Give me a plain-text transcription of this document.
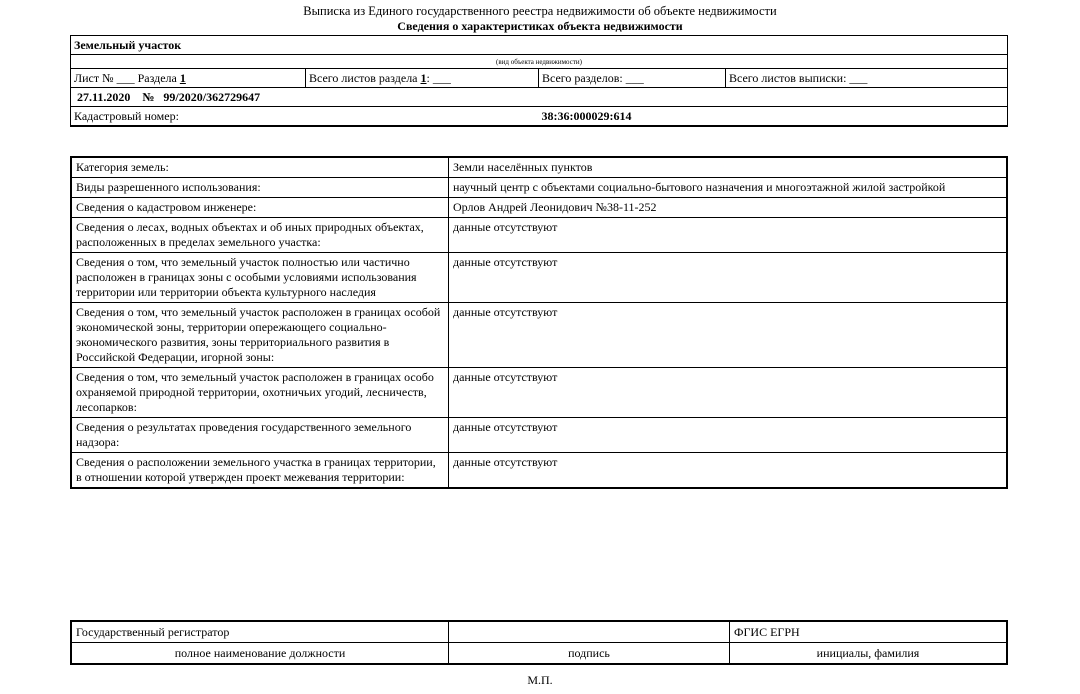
Выписка из Единого государственного реестра недвижимости об объекте недвижимости
Сведения о характеристиках объекта недвижимости
Земельный участок			

(вид объекта недвижимости)			

Лист № ___ Раздела 1	Всего листов раздела 1: ___	Всего разделов: ___	Всего листов выписки: ___
27.11.2020 № 99/2020/362729647			
Кадастровый номер:		38:36:000029:614	
Категория земель:	Земли населённых пунктов
Виды разрешенного использования:	научный центр с объектами социально-бытового назначения и многоэтажной жилой застройкой
Сведения о кадастровом инженере:	Орлов Андрей Леонидович №38-11-252
Сведения о лесах, водных объектах и об иных природных объектах, расположенных в пределах земельного участка:	данные отсутствуют
Сведения о том, что земельный участок полностью или частично расположен в границах зоны с особыми условиями использования территории или территории объекта культурного наследия	данные отсутствуют
Сведения о том, что земельный участок расположен в границах особой экономической зоны, территории опережающего социально-экономического развития, зоны территориального развития в Российской Федерации, игорной зоны:	данные отсутствуют
Сведения о том, что земельный участок расположен в границах особо охраняемой природной территории, охотничьих угодий, лесничеств, лесопарков:	данные отсутствуют
Сведения о результатах проведения государственного земельного надзора:	данные отсутствуют
Сведения о расположении земельного участка в границах территории, в отношении которой утвержден проект межевания территории:	данные отсутствуют
Государственный регистратор		ФГИС ЕГРН
полное наименование должности	подпись	инициалы, фамилия
М.П.
